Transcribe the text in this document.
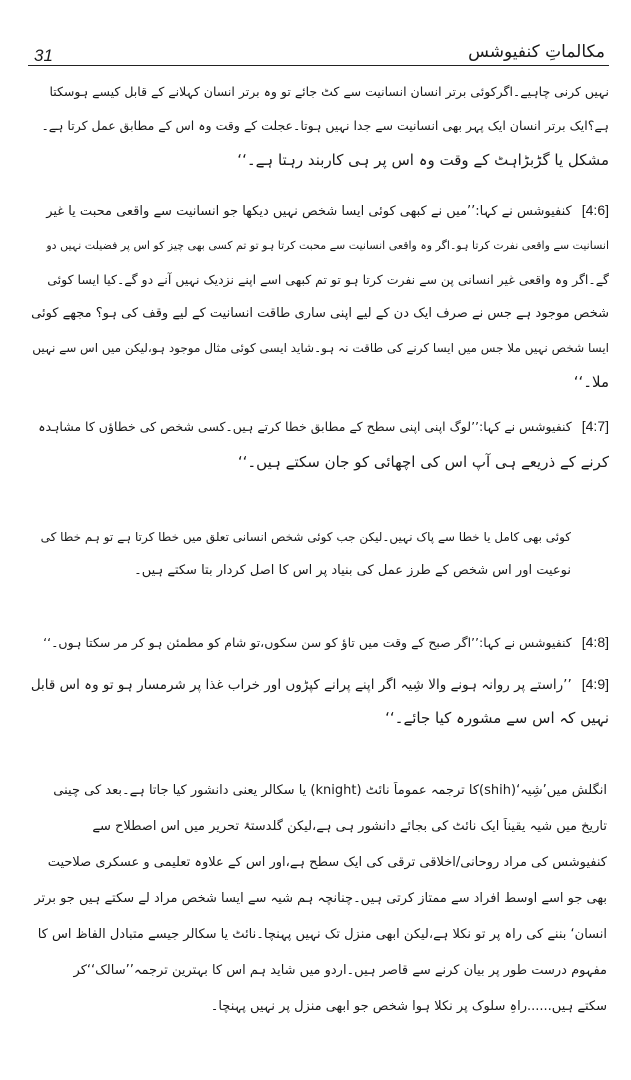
31	مکالماتِ کنفیوشس
نہیں کرنی چاہیے۔اگرکوئی برتر انسان انسانیت سے کٹ جائے تو وہ برتر انسان کہلانے کے قابل کیسے ہوسکتا
ہے؟ایک برتر انسان ایک پہر بھی انسانیت سے جدا نہیں ہوتا۔عجلت کے وقت وہ اس کے مطابق عمل کرتا ہے۔
مشکل یا گڑبڑاہٹ کے وقت وہ اس پر ہی کاربند رہتا ہے۔‘‘
[4:6]کنفیوشس نے کہا:’’میں نے کبھی کوئی ایسا شخص نہیں دیکھا جو انسانیت سے واقعی محبت یا غیر
انسانیت سے واقعی نفرت کرتا ہو۔اگر وہ واقعی انسانیت سے محبت کرتا ہو تو تم کسی بھی چیز کو اس پر فضیلت نہیں دو
گے۔اگر وہ واقعی غیر انسانی پن سے نفرت کرتا ہو تو تم کبھی اسے اپنے نزدیک نہیں آنے دو گے۔کیا ایسا کوئی
شخص موجود ہے جس نے صرف ایک دن کے لیے اپنی ساری طاقت انسانیت کے لیے وقف کی ہو؟ مجھے کوئی
ایسا شخص نہیں ملا جس میں ایسا کرنے کی طاقت نہ ہو۔شاید ایسی کوئی مثال موجود ہو،لیکن میں اس سے نہیں
ملا۔‘‘
[4:7]کنفیوشس نے کہا:’’لوگ اپنی اپنی سطح کے مطابق خطا کرتے ہیں۔کسی شخص کی خطاؤں کا مشاہدہ
کرنے کے ذریعے ہی آپ اس کی اچھائی کو جان سکتے ہیں۔‘‘
کوئی بھی کامل یا خطا سے پاک نہیں۔لیکن جب کوئی شخص انسانی تعلق میں خطا کرتا ہے تو ہم خطا کی
نوعیت اور اس شخص کے طرز عمل کی بنیاد پر اس کا اصل کردار بتا سکتے ہیں۔
[4:8]کنفیوشس نے کہا:’’اگر صبح کے وقت میں تاؤ کو سن سکوں،تو شام کو مطمئن ہو کر مر سکتا ہوں۔‘‘
[4:9]’’راستے پر روانہ ہونے والا شِیہ اگر اپنے پرانے کپڑوں اور خراب غذا پر شرمسار ہو تو وہ اس قابل
نہیں کہ اس سے مشورہ کیا جائے۔‘‘
انگلش میں’شِیہ‘(shih)کا ترجمہ عموماً نائٹ (knight) یا سکالر یعنی دانشور کیا جاتا ہے۔بعد کی چینی
تاریخ میں شیہ یقیناً ایک نائٹ کی بجائے دانشور ہی ہے،لیکن گلدستۂ تحریر میں اس اصطلاح سے
کنفیوشس کی مراد روحانی/اخلاقی ترقی کی ایک سطح ہے،اور اس کے علاوہ تعلیمی و عسکری صلاحیت
بھی جو اسے اوسط افراد سے ممتاز کرتی ہیں۔چنانچہ ہم شیہ سے ایسا شخص مراد لے سکتے ہیں جو برتر
انسان‘ بننے کی راہ پر تو نکلا ہے،لیکن ابھی منزل تک نہیں پہنچا۔نائٹ یا سکالر جیسے متبادل الفاظ اس کا
مفہوم درست طور پر بیان کرنے سے قاصر ہیں۔اردو میں شاید ہم اس کا بہترین ترجمہ’’سالک‘‘کر
سکتے ہیں......راہِ سلوک پر نکلا ہوا شخص جو ابھی منزل پر نہیں پہنچا۔
